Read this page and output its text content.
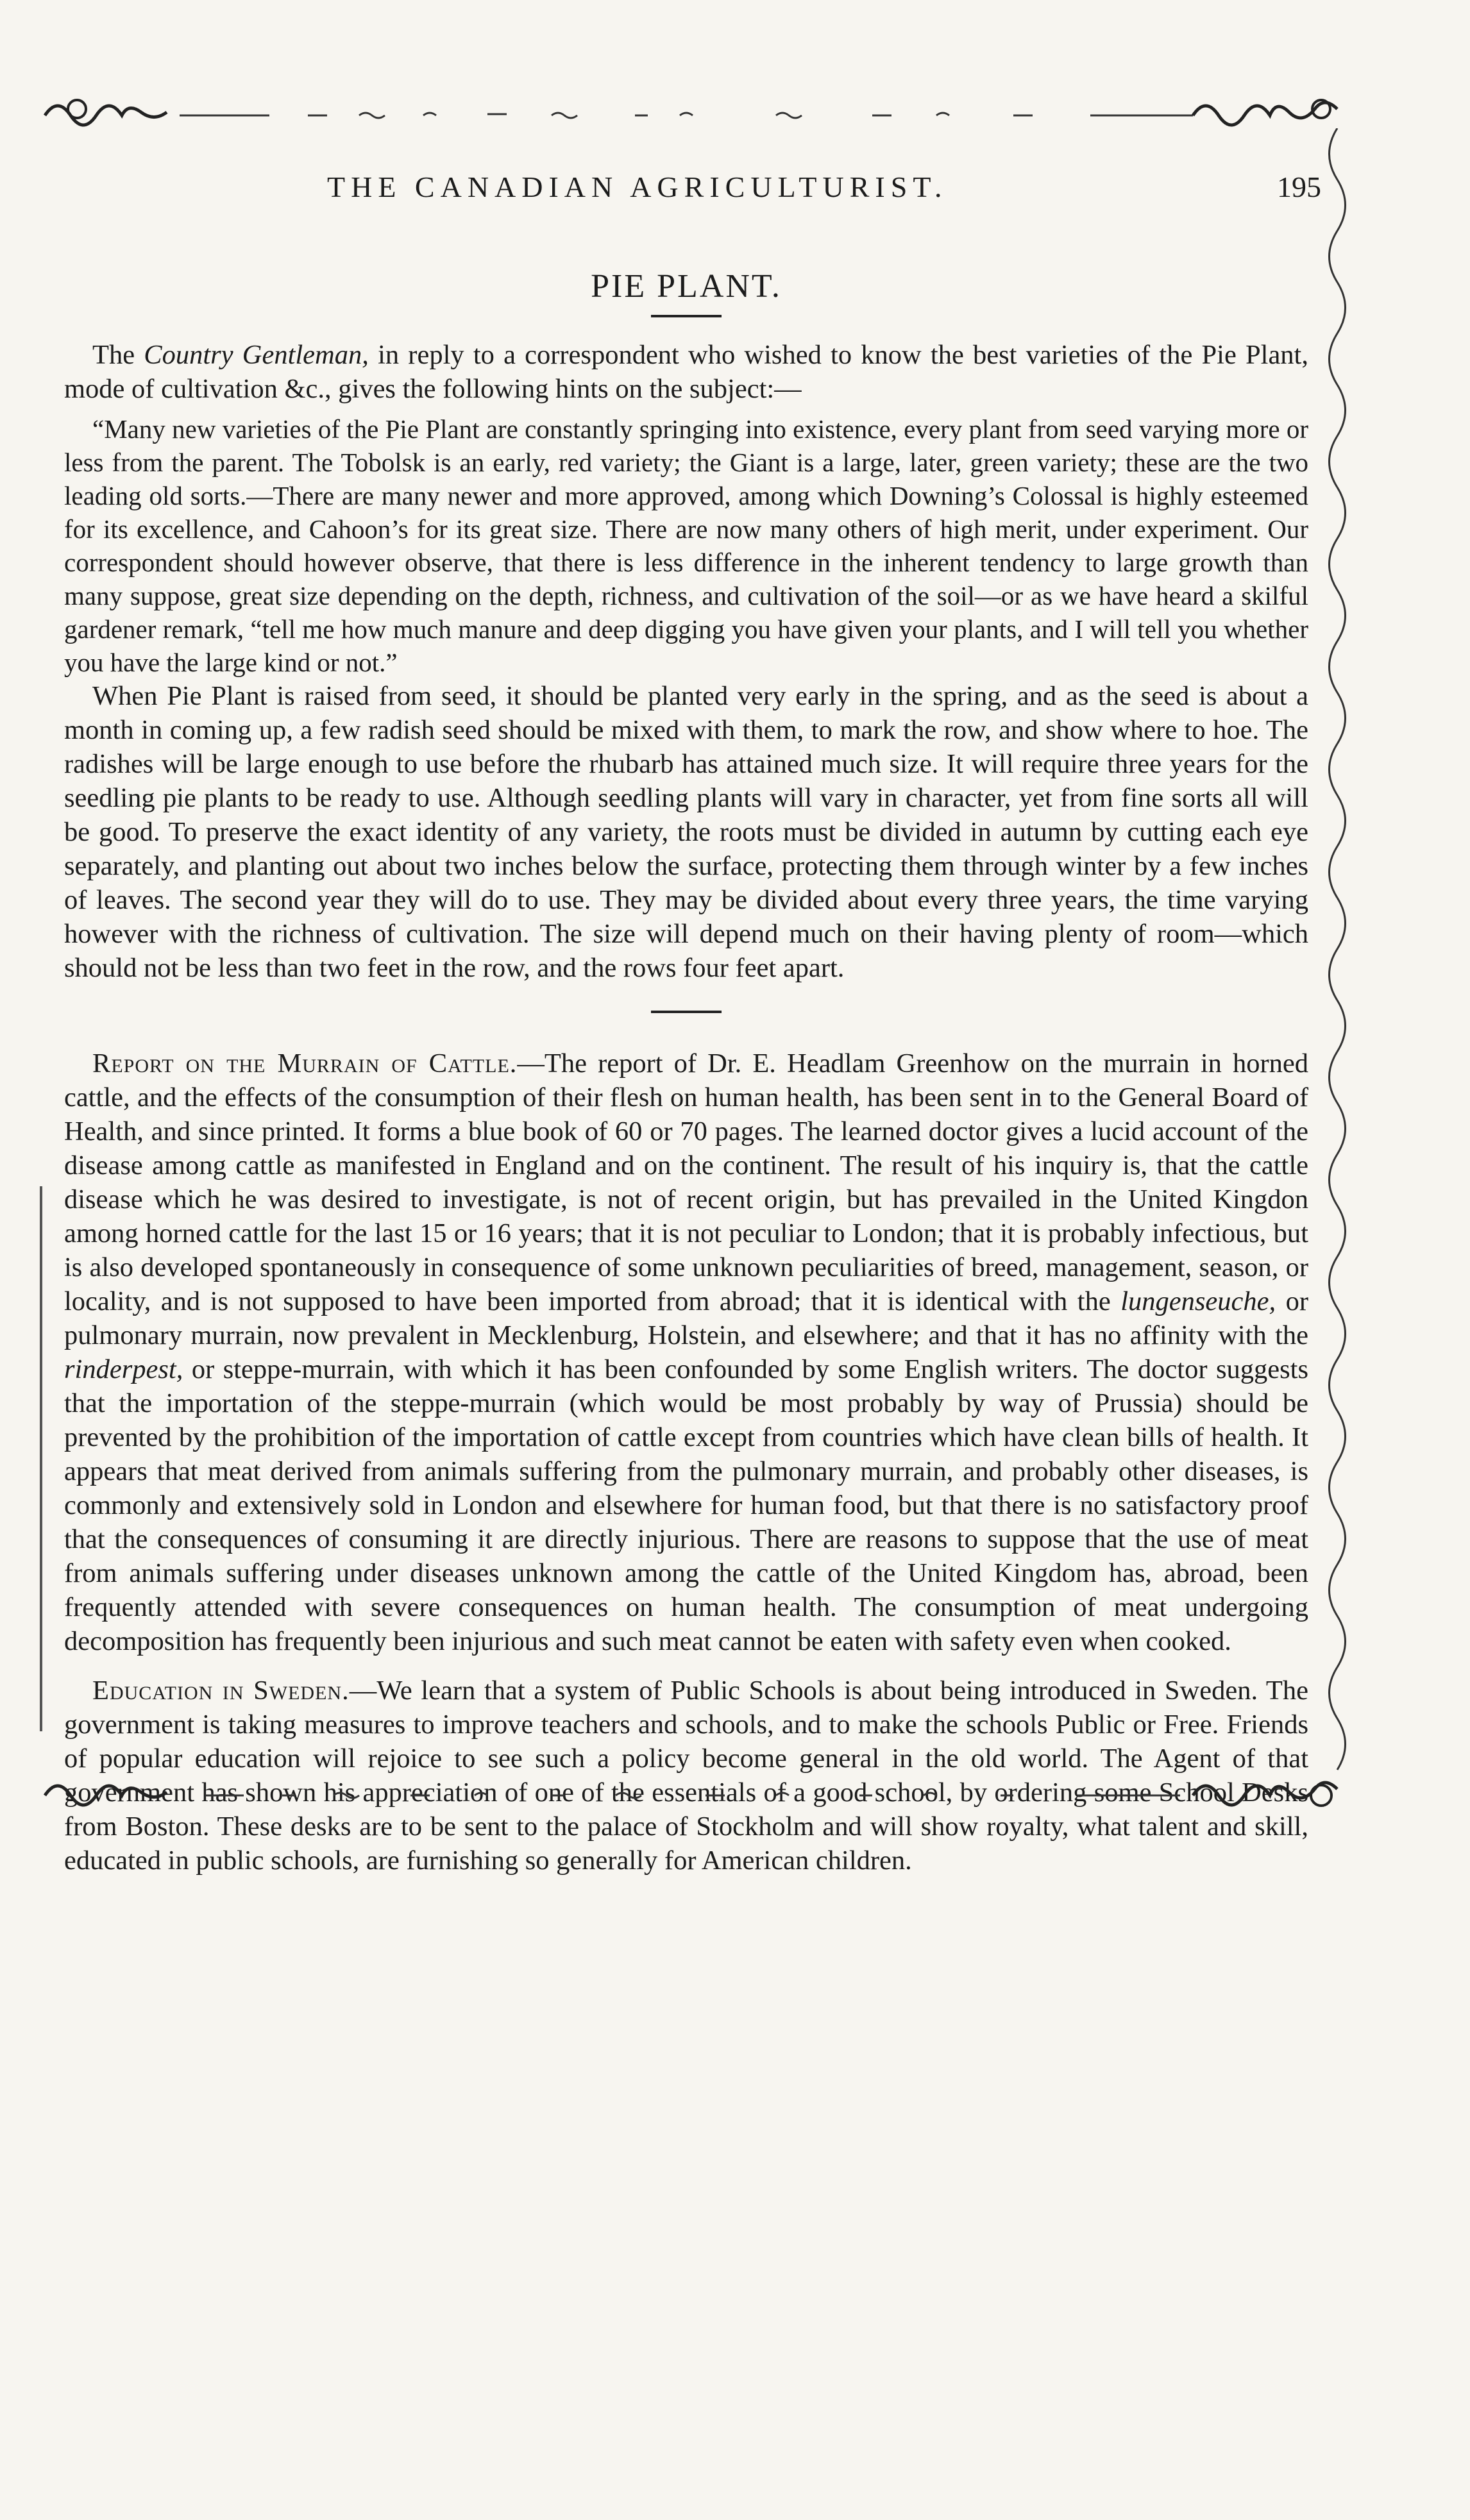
THE CANADIAN AGRICULTURIST.	195
PIE PLANT.

The Country Gentleman, in reply to a correspondent who wished to know the best varieties of the Pie Plant, mode of cultivation &c., gives the following hints on the subject:—

“Many new varieties of the Pie Plant are constantly springing into existence, every plant from seed varying more or less from the parent. The Tobolsk is an early, red variety; the Giant is a large, later, green variety; these are the two leading old sorts.—There are many newer and more approved, among which Downing’s Colossal is highly esteemed for its excellence, and Cahoon’s for its great size. There are now many others of high merit, under experiment. Our correspondent should however observe, that there is less difference in the inherent tendency to large growth than many suppose, great size depending on the depth, richness, and cultivation of the soil—or as we have heard a skilful gardener remark, “tell me how much manure and deep digging you have given your plants, and I will tell you whether you have the large kind or not.”

When Pie Plant is raised from seed, it should be planted very early in the spring, and as the seed is about a month in coming up, a few radish seed should be mixed with them, to mark the row, and show where to hoe. The radishes will be large enough to use before the rhubarb has attained much size. It will require three years for the seedling pie plants to be ready to use. Although seedling plants will vary in character, yet from fine sorts all will be good. To preserve the exact identity of any variety, the roots must be divided in autumn by cutting each eye separately, and planting out about two inches below the surface, protecting them through winter by a few inches of leaves. The second year they will do to use. They may be divided about every three years, the time varying however with the richness of cultivation. The size will depend much on their having plenty of room—which should not be less than two feet in the row, and the rows four feet apart.

Report on the Murrain of Cattle.—The report of Dr. E. Headlam Greenhow on the murrain in horned cattle, and the effects of the consumption of their flesh on human health, has been sent in to the General Board of Health, and since printed. It forms a blue book of 60 or 70 pages. The learned doctor gives a lucid account of the disease among cattle as manifested in England and on the continent. The result of his inquiry is, that the cattle disease which he was desired to investigate, is not of recent origin, but has prevailed in the United Kingdon among horned cattle for the last 15 or 16 years; that it is not peculiar to London; that it is probably infectious, but is also developed spontaneously in consequence of some unknown peculiarities of breed, management, season, or locality, and is not supposed to have been imported from abroad; that it is identical with the lungenseuche, or pulmonary murrain, now prevalent in Mecklenburg, Holstein, and elsewhere; and that it has no affinity with the rinderpest, or steppe-murrain, with which it has been confounded by some English writers. The doctor suggests that the importation of the steppe-murrain (which would be most probably by way of Prussia) should be prevented by the prohibition of the importation of cattle except from countries which have clean bills of health. It appears that meat derived from animals suffering from the pulmonary murrain, and probably other diseases, is commonly and extensively sold in London and elsewhere for human food, but that there is no satisfactory proof that the consequences of consuming it are directly injurious. There are reasons to suppose that the use of meat from animals suffering under diseases unknown among the cattle of the United Kingdom has, abroad, been frequently attended with severe consequences on human health. The consumption of meat undergoing decomposition has frequently been injurious and such meat cannot be eaten with safety even when cooked.

Education in Sweden.—We learn that a system of Public Schools is about being introduced in Sweden. The government is taking measures to improve teachers and schools, and to make the schools Public or Free. Friends of popular education will rejoice to see such a policy become general in the old world. The Agent of that government has shown his appreciation of one of the essentials of a good school, by ordering some School Desks from Boston. These desks are to be sent to the palace of Stockholm and will show royalty, what talent and skill, educated in public schools, are furnishing so generally for American children.
